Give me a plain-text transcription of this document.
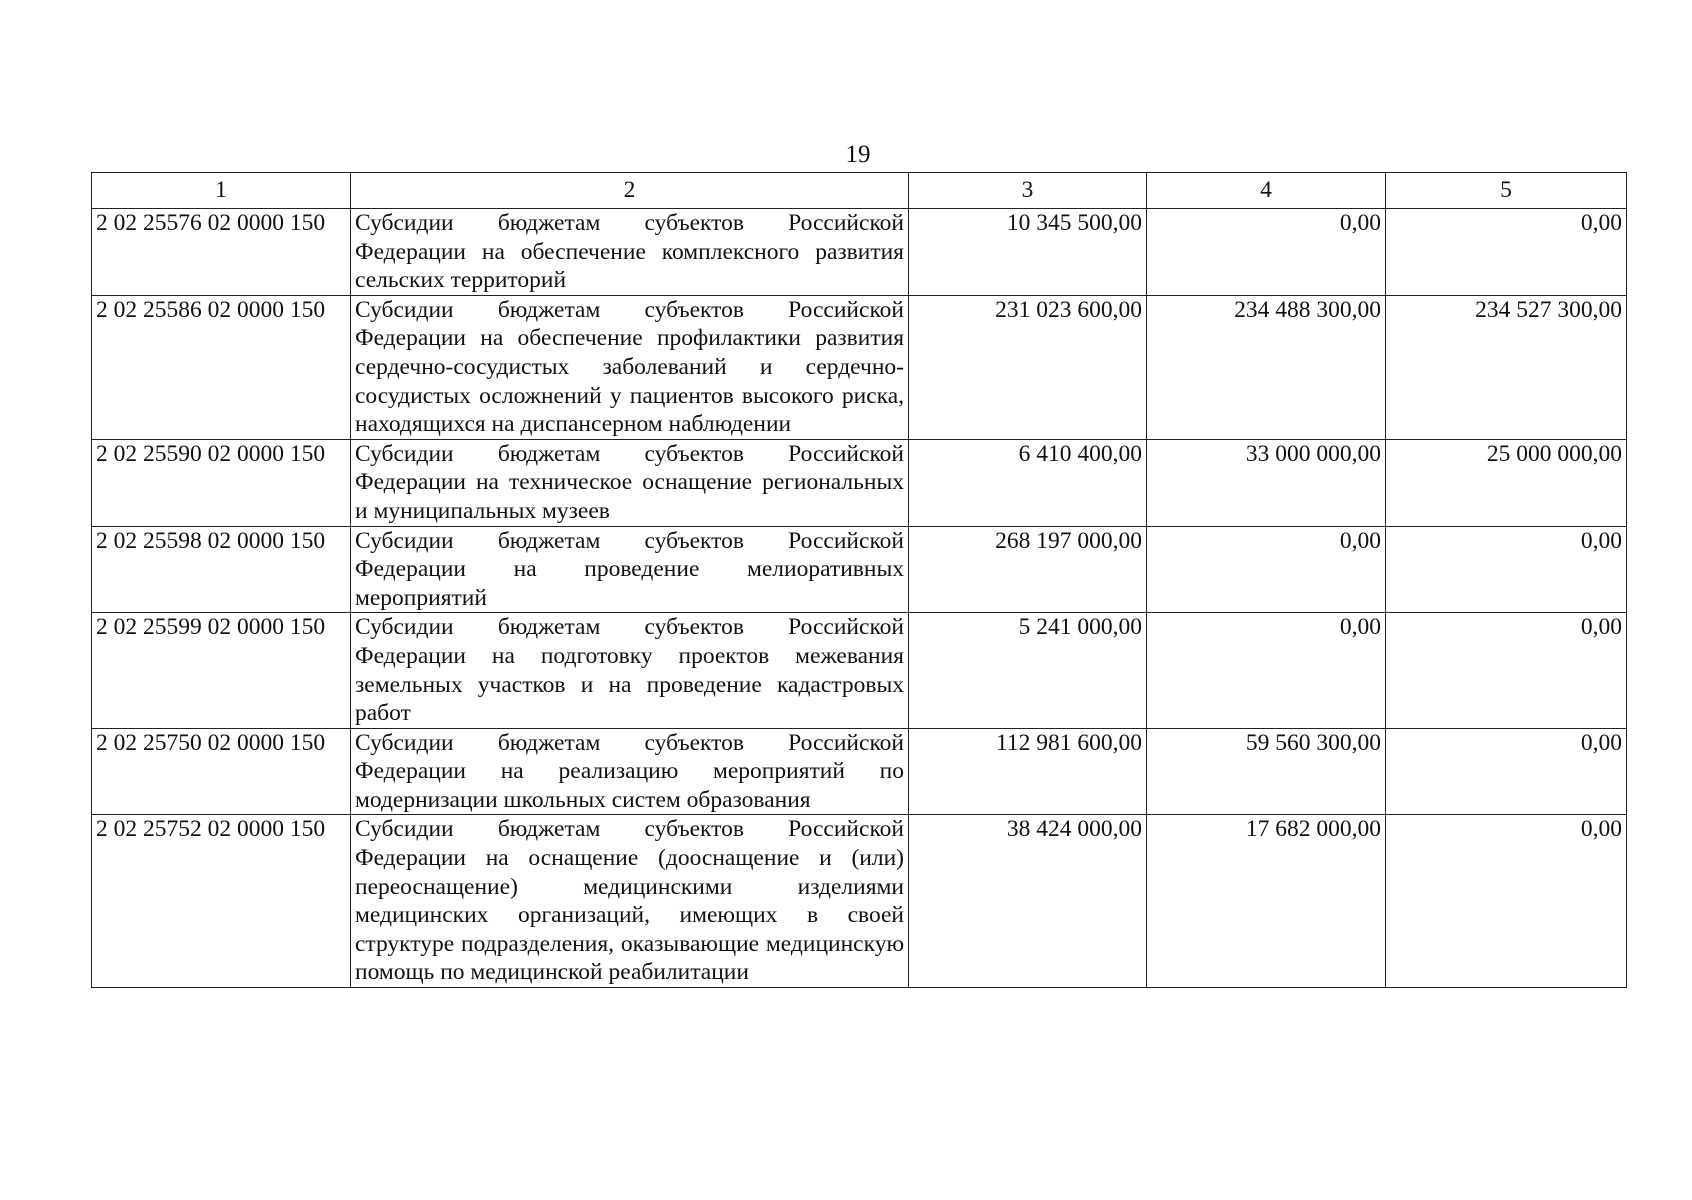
19
1	2	3	4	5
2 02 25576 02 0000 150	Субсидии бюджетам субъектов Российской Федерации на обеспечение комплексного развития сельских территорий	10 345 500,00	0,00	0,00
2 02 25586 02 0000 150	Субсидии бюджетам субъектов Российской Федерации на обеспечение профилактики развития сердечно-сосудистых заболеваний и сердечно-сосудистых осложнений у пациентов высокого риска, находящихся на диспансерном наблюдении	231 023 600,00	234 488 300,00	234 527 300,00
2 02 25590 02 0000 150	Субсидии бюджетам субъектов Российской Федерации на техническое оснащение региональных и муниципальных музеев	6 410 400,00	33 000 000,00	25 000 000,00
2 02 25598 02 0000 150	Субсидии бюджетам субъектов Российской Федерации на проведение мелиоративных мероприятий	268 197 000,00	0,00	0,00
2 02 25599 02 0000 150	Субсидии бюджетам субъектов Российской Федерации на подготовку проектов межевания земельных участков и на проведение кадастровых работ	5 241 000,00	0,00	0,00
2 02 25750 02 0000 150	Субсидии бюджетам субъектов Российской Федерации на реализацию мероприятий по модернизации школьных систем образования	112 981 600,00	59 560 300,00	0,00
2 02 25752 02 0000 150	Субсидии бюджетам субъектов Российской Федерации на оснащение (дооснащение и (или) переоснащение) медицинскими изделиями медицинских организаций, имеющих в своей структуре подразделения, оказывающие медицинскую помощь по медицинской реабилитации	38 424 000,00	17 682 000,00	0,00
